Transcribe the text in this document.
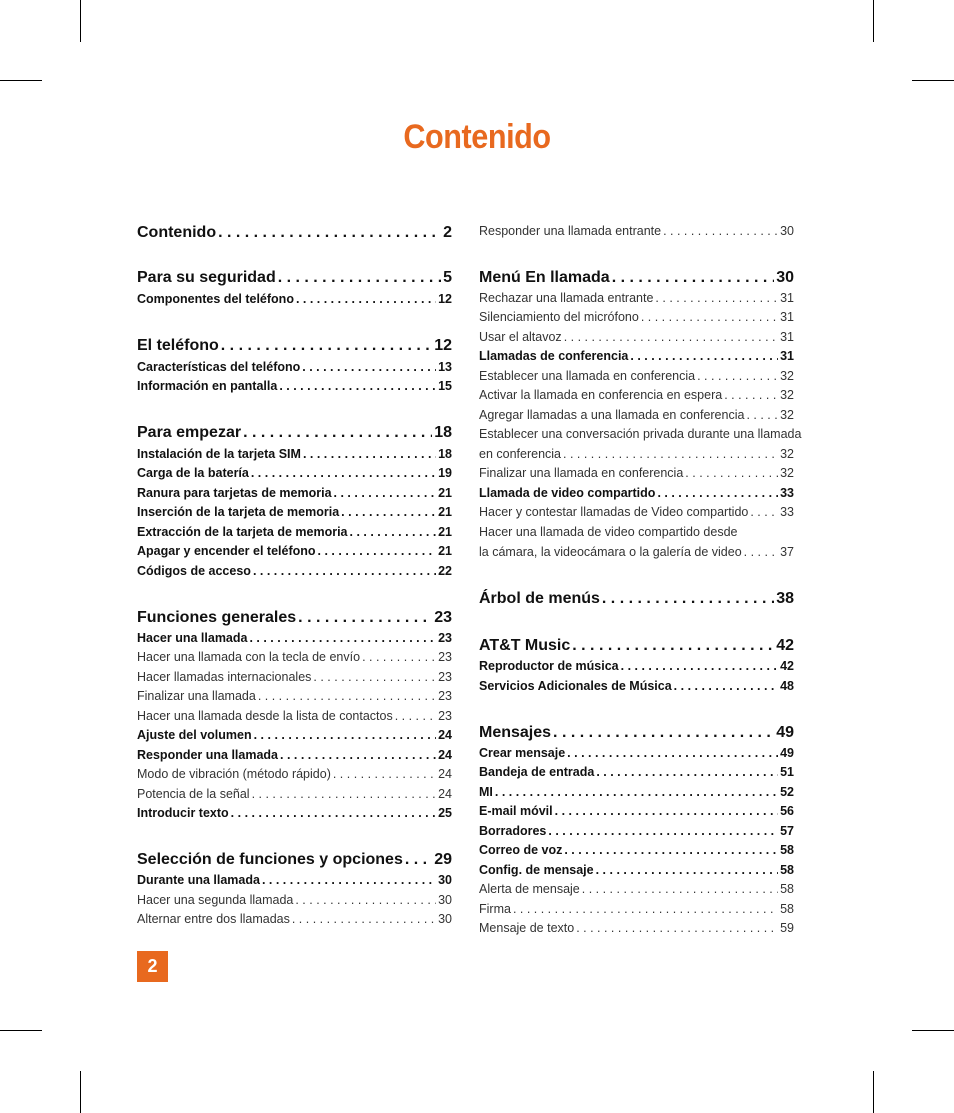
Contenido
Contenido . . .	2
Para su seguridad . . .	5
Componentes del teléfono . . .	12
El teléfono . . .	12
Características del teléfono . . .	13
Información en pantalla . . .	15
Para empezar . . .	18
Instalación de la tarjeta SIM . . .	18
Carga de la batería . . .	19
Ranura para tarjetas de memoria . . .	21
Inserción de la tarjeta de memoria . . .	21
Extracción de la tarjeta de memoria . . .	21
Apagar y encender el teléfono . . .	21
Códigos de acceso . . .	22
Funciones generales . . .	23
Hacer una llamada . . .	23
Hacer una llamada con la tecla de envío . . .	23
Hacer llamadas internacionales . . .	23
Finalizar una llamada . . .	23
Hacer una llamada desde la lista de contactos . . .	23
Ajuste del volumen . . .	24
Responder una llamada . . .	24
Modo de vibración (método rápido) . . .	24
Potencia de la señal . . .	24
Introducir texto . . .	25
Selección de funciones y opciones . . . 29
Durante una llamada . . .	30
Hacer una segunda llamada . . .	30
Alternar entre dos llamadas . . .	30
Responder una llamada entrante . . .	30
Menú En llamada . . .	30
Rechazar una llamada entrante . . .	31
Silenciamiento del micrófono . . .	31
Usar el altavoz . . .	31
Llamadas de conferencia . . .	31
Establecer una llamada en conferencia . . .	32
Activar la llamada en conferencia en espera . . .	32
Agregar llamadas a una llamada en conferencia . . .	32
Establecer una conversación privada durante una llamada
en conferencia . . .	32
Finalizar una llamada en conferencia . . .	32
Llamada de video compartido . . .	33
Hacer y contestar llamadas de Video compartido . . .	33
Hacer una llamada de video compartido desde
la cámara, la videocámara o la galería de video . . .	37
Árbol de menús . . .	38
AT&T Music . . .	42
Reproductor de música . . .	42
Servicios Adicionales de Música . . .	48
Mensajes . . .	49
Crear mensaje . . .	49
Bandeja de entrada . . .	51
MI . . .	52
E-mail móvil . . .	56
Borradores . . .	57
Correo de voz . . .	58
Config. de mensaje . . .	58
Alerta de mensaje . . .	58
Firma . . .	58
Mensaje de texto . . .	59
2
